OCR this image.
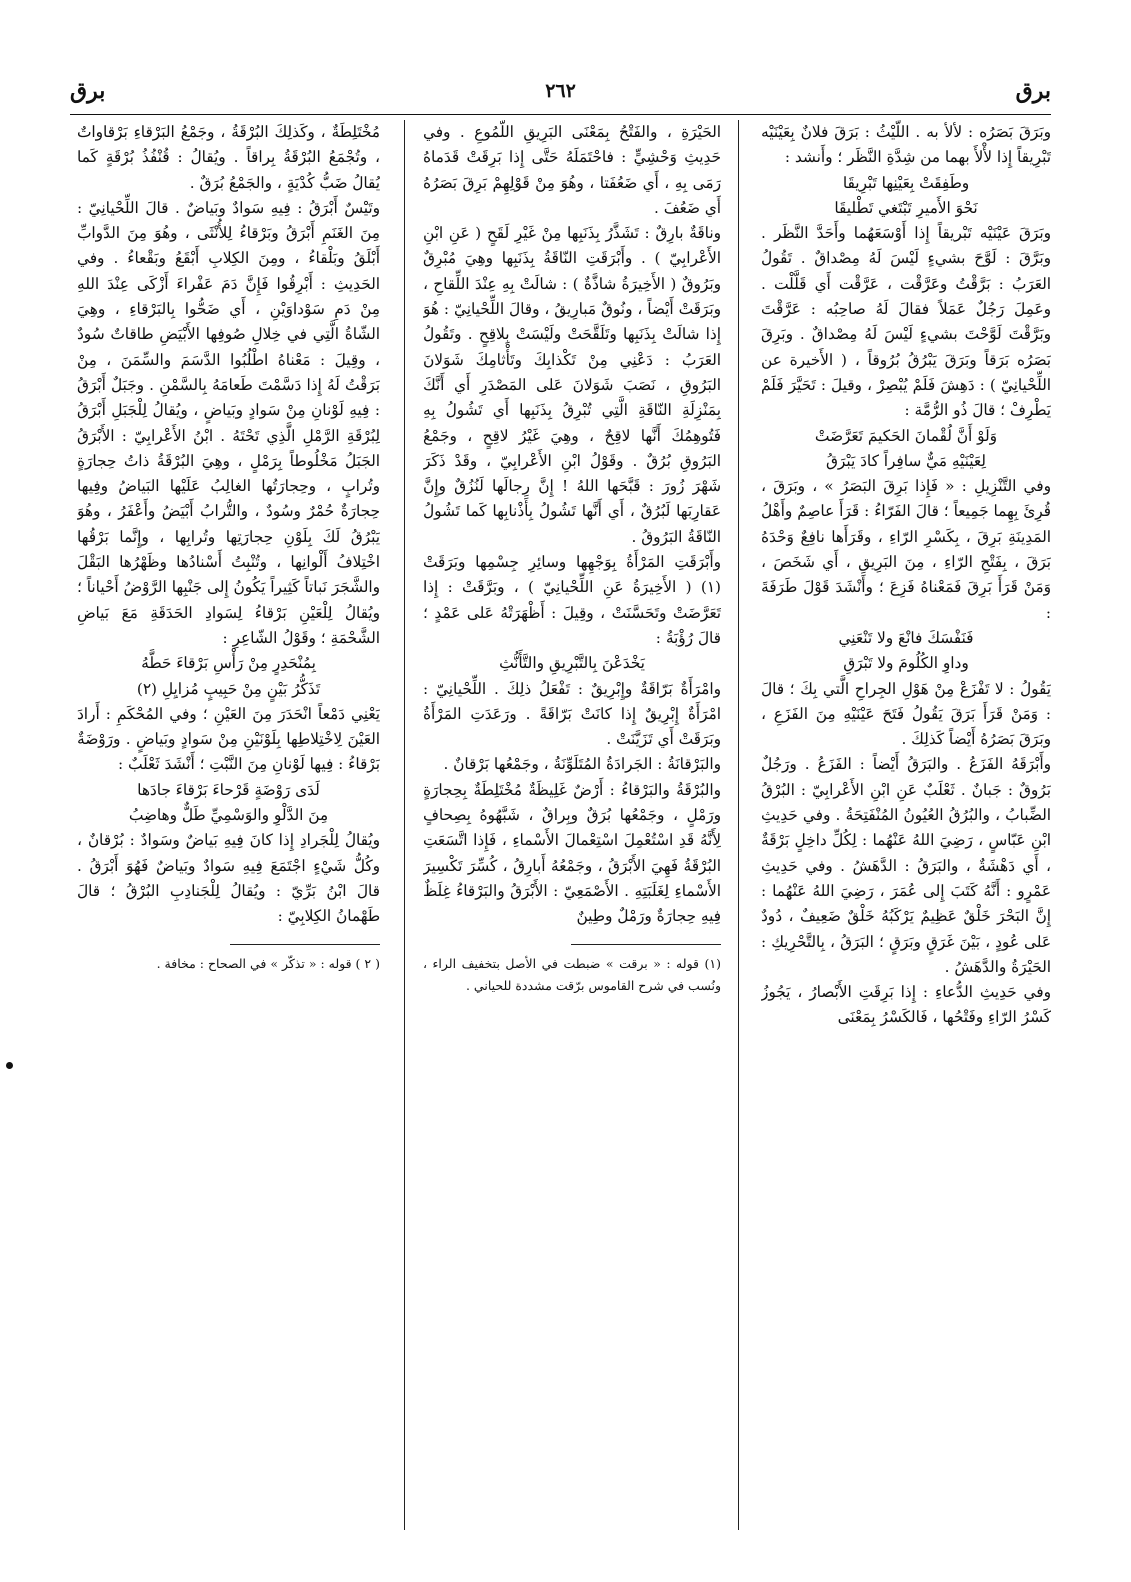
برق
٢٦٢
برق

وبَرَقَ بَصَرُه : لألأ به . اللَّيْثُ : بَرَقَ فلانٌ بِعَيْنَيْه تَبْرِيقاً إِذا لأْلأَ بهما من شِدَّةِ النَّظَر ؛ وأَنشد :

وطَفِقَتْ بِعَيْنِها تَبْرِيقَا

نَحْوَ الأَميرِ تَبْتَغي تَطْليقَا

وبَرَقَ عَيْنَيْه تَبْريقاً إِذا أَوْسَعَهُما وأَحَدَّ النَّظَر . وبَرَّقَ : لَوَّحَ بشيءٍ لَيْسَ لَهُ مِصْداقٌ . تَقُولُ العَرَبُ : بَرَّقْتُ وعَرَّقْت ، عَرَّقْت أَي قَلَّلْت . وعَمِلَ رَجُلٌ عَمَلاً فقالَ لَهُ صاحِبُه : عَرَّقْتَ وبَرَّقْتَ لَوَّحْتَ بشيءٍ لَيْسَ لَهُ مِصْداقٌ . وبَرِقَ بَصَرُه بَرَقاً وبَرَقَ يَبْرُقُ بُرُوقاً ، ( الأَخيرة عن اللِّحْيانِيّ ) : دَهِشَ فَلَمْ يُبْصِرْ ، وقيلَ : تَحَيَّرَ فَلَمْ يَطْرِفْ ؛ قالَ ذُو الرُّمَّة :

وَلَوْ أَنَّ لُقْمانَ الحَكيمَ تَعَرَّضَتْ

لِعَيْنَيْهِ مَيٌّ سافِراً كادَ يَبْرَقُ

وفي التَّنْزِيلِ : « فَإِذا بَرِقَ البَصَرُ » ، وبَرَقَ ، قُرِئَ بِهِما جَمِيعاً ؛ قالَ الفَرّاءُ : قَرَأَ عاصِمٌ وأَهْلُ المَدِينَةِ بَرِقَ ، بِكَسْرِ الرّاءِ ، وقَرَأَها نافِعٌ وَحْدَهُ بَرَقَ ، بِفَتْحِ الرّاءِ ، مِنَ البَرِيقِ ، أَي شَخَصَ ، وَمَنْ قَرَأَ بَرِقَ فَمَعْناهُ فَزِعَ ؛ وأَنْشَدَ قَوْلَ طَرَفَةَ :

فَنَفْسَكَ فانْعَ ولا تَنْعَنِي

وداوِ الكُلُومَ ولا تَبْرَقِ

يَقُولُ : لا تَفْزَعْ مِنْ هَوْلِ الجِراحِ الَّتي بِكَ ؛ قالَ : وَمَنْ قَرَأَ بَرَقَ يَقُولُ فَتَحَ عَيْنَيْهِ مِنَ الفَزَعِ ، وبَرَقَ بَصَرُهُ أَيْضاً كَذلِكَ .

وأَبْرَقَهُ الفَزَعُ . والبَرَقُ أَيْضاً : الفَزَعُ . ورَجُلٌ بَرُوقٌ : جَبانٌ . ثَعْلَبٌ عَنِ ابْنِ الأَعْرابِيّ : البُرْقُ الضِّبابُ ، والبُرُقُ العُيُونُ المُنْفَتِحَةُ . وفي حَدِيثِ ابْنِ عَبّاسٍ ، رَضِيَ اللهُ عَنْهُما : لِكُلِّ داخِلٍ بَرْقَةٌ ، أَي دَهْشَةٌ ، والبَرَقُ : الدَّهَشُ . وفي حَدِيثِ عَمْرٍو : أَنَّهُ كَتَبَ إِلى عُمَرَ ، رَضِيَ اللهُ عَنْهُما : إِنَّ البَحْرَ خَلْقٌ عَظِيمٌ يَرْكَبُهُ خَلْقٌ ضَعِيفٌ ، دُودٌ عَلى عُودٍ ، بَيْنَ غَرَقٍ وبَرَقٍ ؛ البَرَقُ ، بِالتَّحْرِيكِ : الحَيْرَةُ والدَّهَشُ .

وفي حَدِيثِ الدُّعاءِ : إِذا بَرِقَتِ الأَبْصارُ ، يَجُوزُ كَسْرُ الرّاءِ وفَتْحُها ، فَالكَسْرُ بِمَعْنَى

الحَيْرَةِ ، والفَتْحُ بِمَعْنَى البَرِيقِ اللُّمُوعِ . وفي حَدِيثِ وَحْشِيٍّ : فاحْتَمَلَهُ حَتَّى إِذا بَرِقَتْ قَدَماهُ رَمَى بِهِ ، أَي ضَعُفَتا ، وهُوَ مِنْ قَوْلِهِمْ بَرِقَ بَصَرُهُ أَي ضَعُفَ .

وناقَةٌ بارِقٌ : تَشَذَّرُ بِذَنَبِها مِنْ غَيْرِ لَقَحٍ ( عَنِ ابْنِ الأَعْرابِيّ ) . وأَبْرَقَتِ النّاقَةُ بِذَنَبِها وهِيَ مُبْرِقٌ وبَرُوقٌ ( الأَخِيرَةُ شاذَّةٌ ) : شالَتْ بِهِ عِنْدَ اللِّقاحِ ، وبَرَقَتْ أَيْضاً ، ونُوقٌ مَبارِيقُ ، وقالَ اللِّحْيانِيّ : هُوَ إِذا شالَتْ بِذَنَبِها وتَلَقَّحَتْ ولَيْسَتْ بِلاقِحٍ . وتَقُولُ العَرَبُ : دَعْنِي مِنْ تَكْذابِكَ وتَأْثامِكَ شَوَلانَ البَرُوقِ ، نَصَبَ شَوَلانَ عَلى المَصْدَرِ أَي أَنَّكَ بِمَنْزِلَةِ النّاقَةِ الَّتِي تُبْرِقُ بِذَنَبِها أَي تَشُولُ بِهِ فَتُوهِمُكَ أَنَّها لاقِحٌ ، وهِيَ غَيْرُ لاقِحٍ ، وجَمْعُ البَرُوقِ بُرُقٌ . وقَوْلُ ابْنِ الأَعْرابِيّ ، وقَدْ ذَكَرَ شَهْرَ زُورَ : قَبَّحَها اللهُ ! إِنَّ رِجالَها لَنُزُقٌ وإِنَّ عَقارِبَها لَبُرُقٌ ، أَي أَنَّها تَشُولُ بِأَذْنابِها كَما تَشُولُ النّاقَةُ البَرُوقُ .

وأَبْرَقَتِ المَرْأَةُ بِوَجْهِها وسائِرِ جِسْمِها وبَرَقَتْ (١) ( الأَخِيرَةُ عَنِ اللِّحْيانِيّ ) ، وبَرَّقَتْ : إِذا تَعَرَّضَتْ وتَحَسَّنَتْ ، وقِيلَ : أَظْهَرَتْهُ عَلى عَمْدٍ ؛ قالَ رُؤْبَةُ :

يَخْدَعْنَ بِالتَّبْرِيقِ والتَّأَنُّثِ

وامْرَأَةٌ بَرّاقَةٌ وإِبْرِيقٌ : تَفْعَلُ ذلِكَ . اللِّحْيانِيّ : امْرَأَةٌ إِبْرِيقٌ إِذا كانَتْ بَرّاقَةً . ورَعَدَتِ المَرْأَةُ وبَرَقَتْ أَي تَزَيَّنَتْ .

والبَرْقانَةُ : الجَرادَةُ المُتَلَوِّنَةُ ، وجَمْعُها بَرْقانٌ .

والبُرْقَةُ والبَرْقاءُ : أَرْضٌ غَلِيظَةٌ مُخْتَلِطَةٌ بِحِجارَةٍ ورَمْلٍ ، وجَمْعُها بُرَقٌ وبِراقٌ ، شَبَّهُوهُ بِصِحافٍ لِأَنَّهُ قَدِ اسْتُعْمِلَ اسْتِعْمالَ الأَسْماءِ ، فَإِذا اتَّسَعَتِ البُرْقَةُ فَهِيَ الأَبْرَقُ ، وجَمْعُهُ أَبارِقُ ، كُسِّرَ تَكْسِيرَ الأَسْماءِ لِغَلَبَتِهِ . الأَصْمَعِيّ : الأَبْرَقُ والبَرْقاءُ غِلَظٌ فِيهِ حِجارَةٌ ورَمْلٌ وطِينٌ

(١) قوله : « برقت » ضبطت في الأصل بتخفيف الراء ، ونُسب في شرح القاموس برّقت مشددة للحياني .

مُخْتَلِطَةٌ ، وكَذلِكَ البُرْقَةُ ، وجَمْعُ البَرْقاءِ بَرْقاواتٌ ، وتُجْمَعُ البُرْقَةُ بِراقاً . ويُقالُ : قُنْفُذُ بُرْقَةٍ كَما يُقالُ ضَبُّ كُدْيَةٍ ، والجَمْعُ بُرَقٌ .

وتَيْسٌ أَبْرَقُ : فِيهِ سَوادٌ وبَياضٌ . قالَ اللِّحْيانِيّ : مِنَ الغَنَمِ أَبْرَقُ وبَرْقاءُ لِلأُنْثَى ، وهُوَ مِنَ الدَّوابِّ أَبْلَقُ وبَلْقاءُ ، ومِنَ الكِلابِ أَبْقَعُ وبَقْعاءُ . وفي الحَدِيثِ : أَبْرِقُوا فَإِنَّ دَمَ عَفْراءَ أَزْكَى عِنْدَ اللهِ مِنْ دَمِ سَوْداوَيْنِ ، أَي ضَحُّوا بِالبَرْقاءِ ، وهِيَ الشّاةُ الَّتِي في خِلالِ صُوفِها الأَبْيَضِ طاقاتٌ سُودٌ ، وقِيلَ : مَعْناهُ اطْلُبُوا الدَّسَمَ والسِّمَنَ ، مِنْ بَرَقْتُ لَهُ إِذا دَسَّمْتَ طَعامَهُ بِالسَّمْنِ . وجَبَلٌ أَبْرَقُ : فِيهِ لَوْنانِ مِنْ سَوادٍ وبَياضٍ ، ويُقالُ لِلْجَبَلِ أَبْرَقُ لِبُرْقَةِ الرَّمْلِ الَّذِي تَحْتَهُ . ابْنُ الأَعْرابِيّ : الأَبْرَقُ الجَبَلُ مَخْلُوطاً بِرَمْلٍ ، وهِيَ البُرْقَةُ ذاتُ حِجارَةٍ وتُرابٍ ، وحِجارَتُها الغالِبُ عَلَيْها البَياضُ وفِيها حِجارَةٌ حُمْرٌ وسُودٌ ، والتُّرابُ أَبْيَضُ وأَعْفَرُ ، وهُوَ يَبْرُقُ لَكَ بِلَوْنِ حِجارَتِها وتُرابِها ، وإِنَّما بَرْقُها اخْتِلافُ أَلْوانِها ، وتُنْبِتُ أَسْنادُها وظَهْرُها البَقْلَ والشَّجَرَ نَباتاً كَثِيراً يَكُونُ إِلى جَنْبِها الرَّوْضُ أَحْياناً ؛ ويُقالُ لِلْعَيْنِ بَرْقاءُ لِسَوادِ الحَدَقَةِ مَعَ بَياضِ الشَّحْمَةِ ؛ وقَوْلُ الشّاعِرِ :

بِمُنْحَدِرٍ مِنْ رَأْسِ بَرْقاءَ حَطَّهُ

تَذَكُّرُ بَيْنٍ مِنْ حَبِيبٍ مُزايِلِ (٢)

يَعْنِي دَمْعاً انْحَدَرَ مِنَ العَيْنِ ؛ وفي المُحْكَمِ : أَرادَ العَيْنَ لِاخْتِلاطِها بِلَوْنَيْنِ مِنْ سَوادٍ وبَياضٍ . ورَوْضَةٌ بَرْقاءُ : فِيها لَوْنانِ مِنَ النَّبْتِ ؛ أَنْشَدَ ثَعْلَبٌ :

لَدَى رَوْضَةٍ قَرْحاءَ بَرْقاءَ جادَها

مِنَ الدَّلْوِ والوَسْمِيِّ طَلٌّ وهاضِبُ

ويُقالُ لِلْجَرادِ إِذا كانَ فِيهِ بَياضٌ وسَوادٌ : بُرْقانٌ ، وكُلُّ شَيْءٍ اجْتَمَعَ فِيهِ سَوادٌ وبَياضٌ فَهُوَ أَبْرَقُ . قالَ ابْنُ بَرِّيّ : ويُقالُ لِلْجَنادِبِ البُرْقُ ؛ قالَ طَهْمانُ الكِلابِيّ :

( ٢ ) قوله : « تذكّر » في الصحاح : مخافة .
